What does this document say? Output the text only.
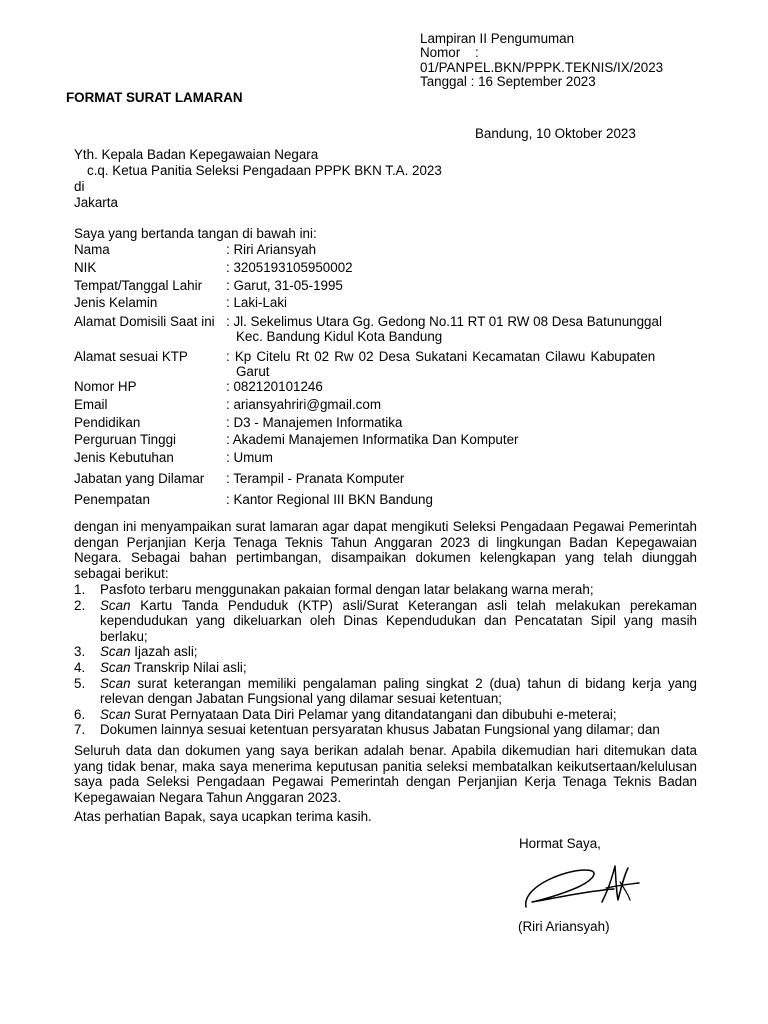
Lampiran II Pengumuman
Nomor    :
01/PANPEL.BKN/PPPK.TEKNIS/IX/2023
Tanggal : 16 September 2023
FORMAT SURAT LAMARAN
Bandung, 10 Oktober 2023
Yth. Kepala Badan Kepegawaian Negara
c.q. Ketua Panitia Seleksi Pengadaan PPPK BKN T.A. 2023
di
Jakarta
Saya yang bertanda tangan di bawah ini:
Nama	: Riri Ariansyah
NIK	: 3205193105950002
Tempat/Tanggal Lahir	: Garut, 31-05-1995
Jenis Kelamin	: Laki-Laki
Alamat Domisili Saat ini : Jl. Sekelimus Utara Gg. Gedong No.11 RT 01 RW 08 Desa Batununggal
Kec. Bandung Kidul Kota Bandung
Alamat sesuai KTP	: Kp Citelu Rt 02 Rw 02 Desa Sukatani Kecamatan Cilawu Kabupaten
Garut
Nomor HP	: 082120101246
Email	: ariansyahriri@gmail.com
Pendidikan	: D3 - Manajemen Informatika
Perguruan Tinggi	: Akademi Manajemen Informatika Dan Komputer
Jenis Kebutuhan	: Umum
Jabatan yang Dilamar	: Terampil - Pranata Komputer
Penempatan	: Kantor Regional III BKN Bandung
dengan ini menyampaikan surat lamaran agar dapat mengikuti Seleksi Pengadaan Pegawai Pemerintah dengan Perjanjian Kerja Tenaga Teknis Tahun Anggaran 2023 di lingkungan Badan Kepegawaian Negara. Sebagai bahan pertimbangan, disampaikan dokumen kelengkapan yang telah diunggah sebagai berikut:
1.	Pasfoto terbaru menggunakan pakaian formal dengan latar belakang warna merah;
2.	Scan Kartu Tanda Penduduk (KTP) asli/Surat Keterangan asli telah melakukan perekaman kependudukan yang dikeluarkan oleh Dinas Kependudukan dan Pencatatan Sipil yang masih berlaku;
3.	Scan Ijazah asli;
4.	Scan Transkrip Nilai asli;
5.	Scan surat keterangan memiliki pengalaman paling singkat 2 (dua) tahun di bidang kerja yang relevan dengan Jabatan Fungsional yang dilamar sesuai ketentuan;
6.	Scan Surat Pernyataan Data Diri Pelamar yang ditandatangani dan dibubuhi e-meterai;
7.	Dokumen lainnya sesuai ketentuan persyaratan khusus Jabatan Fungsional yang dilamar; dan
Seluruh data dan dokumen yang saya berikan adalah benar. Apabila dikemudian hari ditemukan data yang tidak benar, maka saya menerima keputusan panitia seleksi membatalkan keikutsertaan/kelulusan saya pada Seleksi Pengadaan Pegawai Pemerintah dengan Perjanjian Kerja Tenaga Teknis Badan Kepegawaian Negara Tahun Anggaran 2023.
Atas perhatian Bapak, saya ucapkan terima kasih.
Hormat Saya,
(Riri Ariansyah)
